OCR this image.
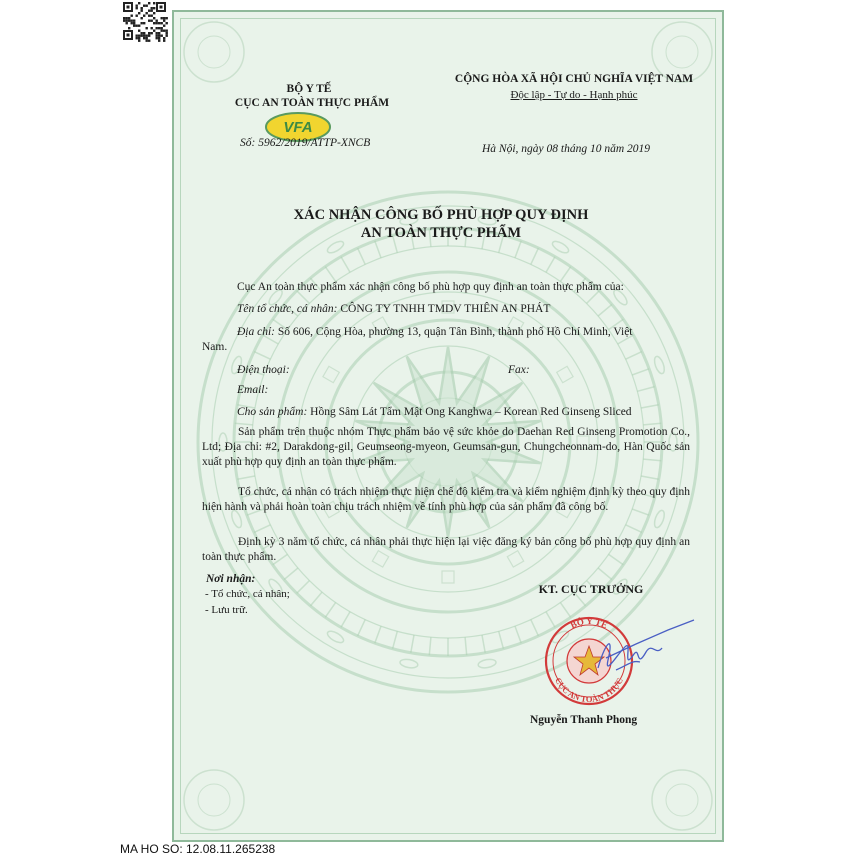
BỘ Y TẾ
CỤC AN TOÀN THỰC PHẨM
VFA
Số: 5962/2019/ATTP-XNCB
CỘNG HÒA XÃ HỘI CHỦ NGHĨA VIỆT NAM
Độc lập - Tự do - Hạnh phúc
Hà Nội, ngày 08 tháng 10 năm 2019
XÁC NHẬN CÔNG BỐ PHÙ HỢP QUY ĐỊNH
AN TOÀN THỰC PHẨM
Cục An toàn thực phẩm xác nhận công bố phù hợp quy định an toàn thực phẩm của:
Tên tổ chức, cá nhân: CÔNG TY TNHH TMDV THIÊN AN PHÁT
Địa chỉ: Số 606, Cộng Hòa, phường 13, quận Tân Bình, thành phố Hồ Chí Minh, Việt
Nam.
Điện thoại:	Fax:
Email:
Cho sản phẩm: Hồng Sâm Lát Tẩm Mật Ong Kanghwa – Korean Red Ginseng Sliced
Sản phẩm trên thuộc nhóm Thực phẩm bảo vệ sức khỏe do Daehan Red Ginseng Promotion Co., Ltd; Địa chỉ: #2, Darakdong-gil, Geumseong-myeon, Geumsan-gun, Chungcheonnam-do, Hàn Quốc sản xuất phù hợp quy định an toàn thực phẩm.
Tổ chức, cá nhân có trách nhiệm thực hiện chế độ kiểm tra và kiểm nghiệm định kỳ theo quy định hiện hành và phải hoàn toàn chịu trách nhiệm về tính phù hợp của sản phẩm đã công bố.
Định kỳ 3 năm tổ chức, cá nhân phải thực hiện lại việc đăng ký bản công bố phù hợp quy định an toàn thực phẩm.
Nơi nhận:
- Tổ chức, cá nhân;
- Lưu trữ.
KT. CỤC TRƯỞNG
BỘ Y TẾ
CỤC AN TOÀN THỰC
Nguyễn Thanh Phong
MA HO SO: 12.08.11.265238
